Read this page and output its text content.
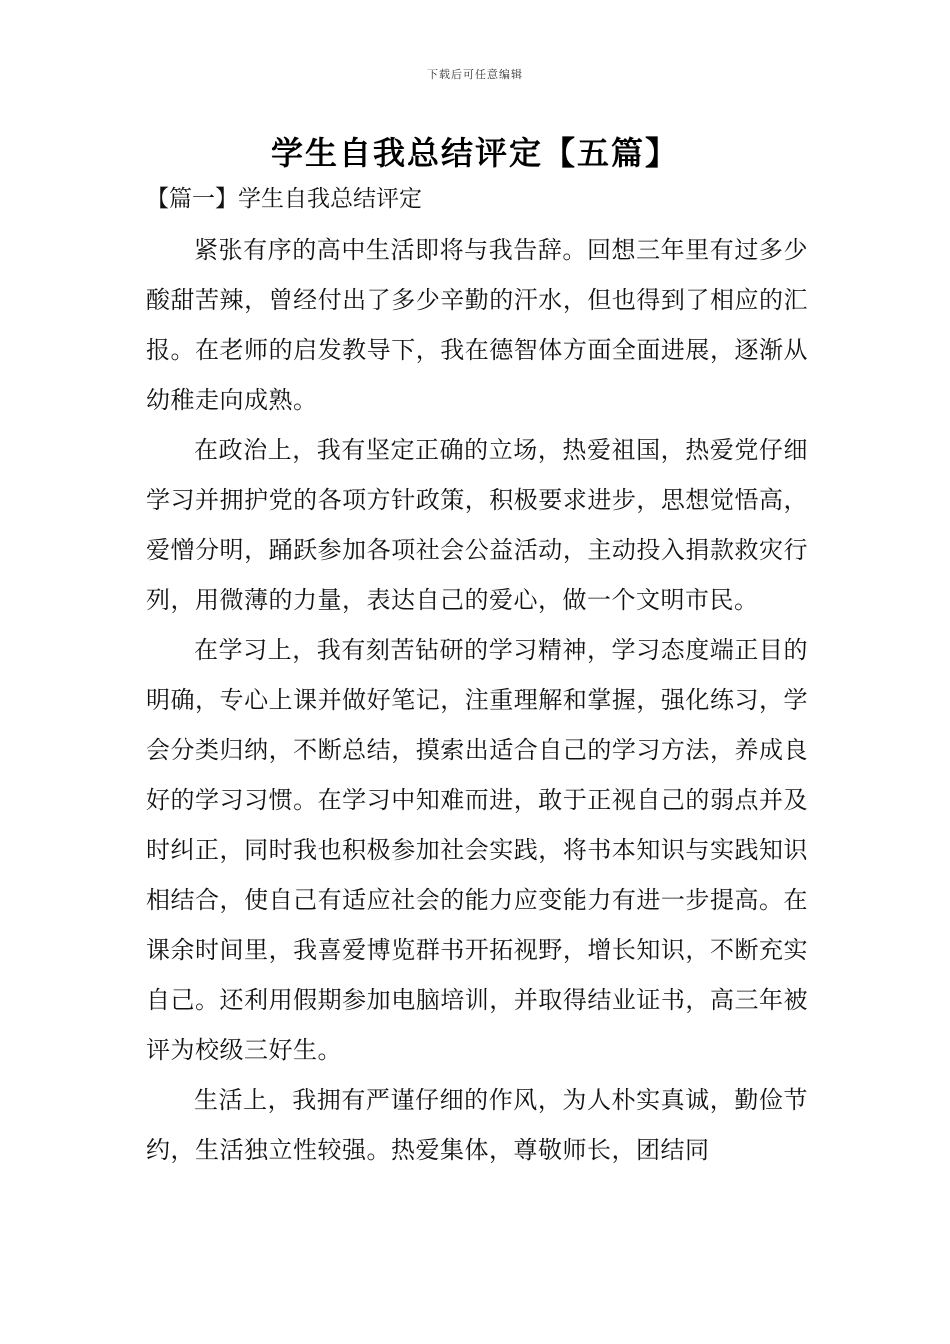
下载后可任意编辑
学生自我总结评定【五篇】
【篇一】学生自我总结评定

紧张有序的高中生活即将与我告辞。回想三年里有过多少酸甜苦辣，曾经付出了多少辛勤的汗水，但也得到了相应的汇报。在老师的启发教导下，我在德智体方面全面进展，逐渐从幼稚走向成熟。

在政治上，我有坚定正确的立场，热爱祖国，热爱党仔细学习并拥护党的各项方针政策，积极要求进步，思想觉悟高，爱憎分明，踊跃参加各项社会公益活动，主动投入捐款救灾行列，用微薄的力量，表达自己的爱心，做一个文明市民。

在学习上，我有刻苦钻研的学习精神，学习态度端正目的明确，专心上课并做好笔记，注重理解和掌握，强化练习，学会分类归纳，不断总结，摸索出适合自己的学习方法，养成良好的学习习惯。在学习中知难而进，敢于正视自己的弱点并及时纠正，同时我也积极参加社会实践，将书本知识与实践知识相结合，使自己有适应社会的能力应变能力有进一步提高。在课余时间里，我喜爱博览群书开拓视野，增长知识，不断充实自己。还利用假期参加电脑培训，并取得结业证书，高三年被评为校级三好生。

生活上，我拥有严谨仔细的作风，为人朴实真诚，勤俭节约，生活独立性较强。热爱集体，尊敬师长，团结同
